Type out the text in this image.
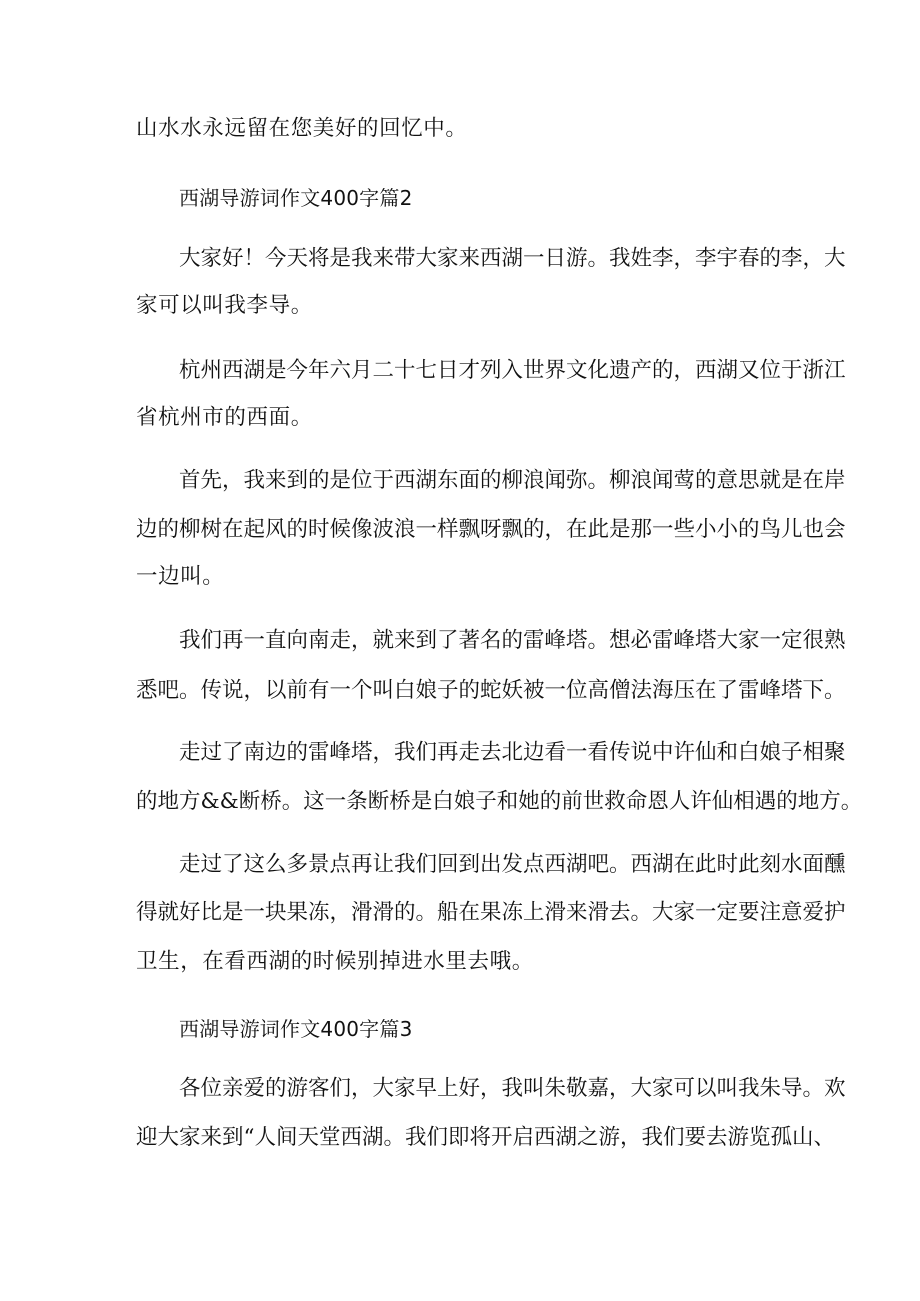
山水水永远留在您美好的回忆中。
西湖导游词作文400字篇2
大家好！今天将是我来带大家来西湖一日游。我姓李，李宇春的李，大
家可以叫我李导。
杭州西湖是今年六月二十七日才列入世界文化遗产的，西湖又位于浙江
省杭州市的西面。
首先，我来到的是位于西湖东面的柳浪闻弥。柳浪闻莺的意思就是在岸
边的柳树在起风的时候像波浪一样飘呀飘的，在此是那一些小小的鸟儿也会
一边叫。
我们再一直向南走，就来到了著名的雷峰塔。想必雷峰塔大家一定很熟
悉吧。传说，以前有一个叫白娘子的蛇妖被一位高僧法海压在了雷峰塔下。
走过了南边的雷峰塔，我们再走去北边看一看传说中许仙和白娘子相聚
的地方&&断桥。这一条断桥是白娘子和她的前世救命恩人许仙相遇的地方。
走过了这么多景点再让我们回到出发点西湖吧。西湖在此时此刻水面醺
得就好比是一块果冻，滑滑的。船在果冻上滑来滑去。大家一定要注意爱护
卫生，在看西湖的时候别掉进水里去哦。
西湖导游词作文400字篇3
各位亲爱的游客们，大家早上好，我叫朱敬嘉，大家可以叫我朱导。欢
迎大家来到“人间天堂西湖。我们即将开启西湖之游，我们要去游览孤山、
